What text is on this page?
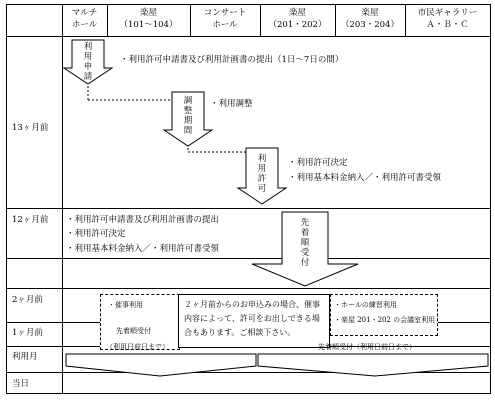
マルチ
ホール
楽屋
（101〜104）
コンサート
ホール
楽屋
（201・202）
楽屋
（203・204）
市民ギャラリー
Ａ・Ｂ・Ｃ
13ヶ月前
12ヶ月前
2ヶ月前
1ヶ月前
利用月
当日
利用申請
調整期間
利用許可
先着順受付
・利用許可申請書及び利用計画書の提出（1日〜7日の間）
・利用調整
・利用許可決定
・利用基本料金納入／・利用許可書受領
・利用許可申請書及び利用計画書の提出
・利用許可決定
・利用基本料金納入／・利用許可書受領
・催事利用
先着順受付
（利用日前日まで）
２ヶ月前からのお申込みの場合、催事内容によって、許可をお出しできる場合もあります。ご相談下さい。
・ホールの練習利用
・楽屋 201・202 の会議室利用
先着順受付（利用日前日まで）
